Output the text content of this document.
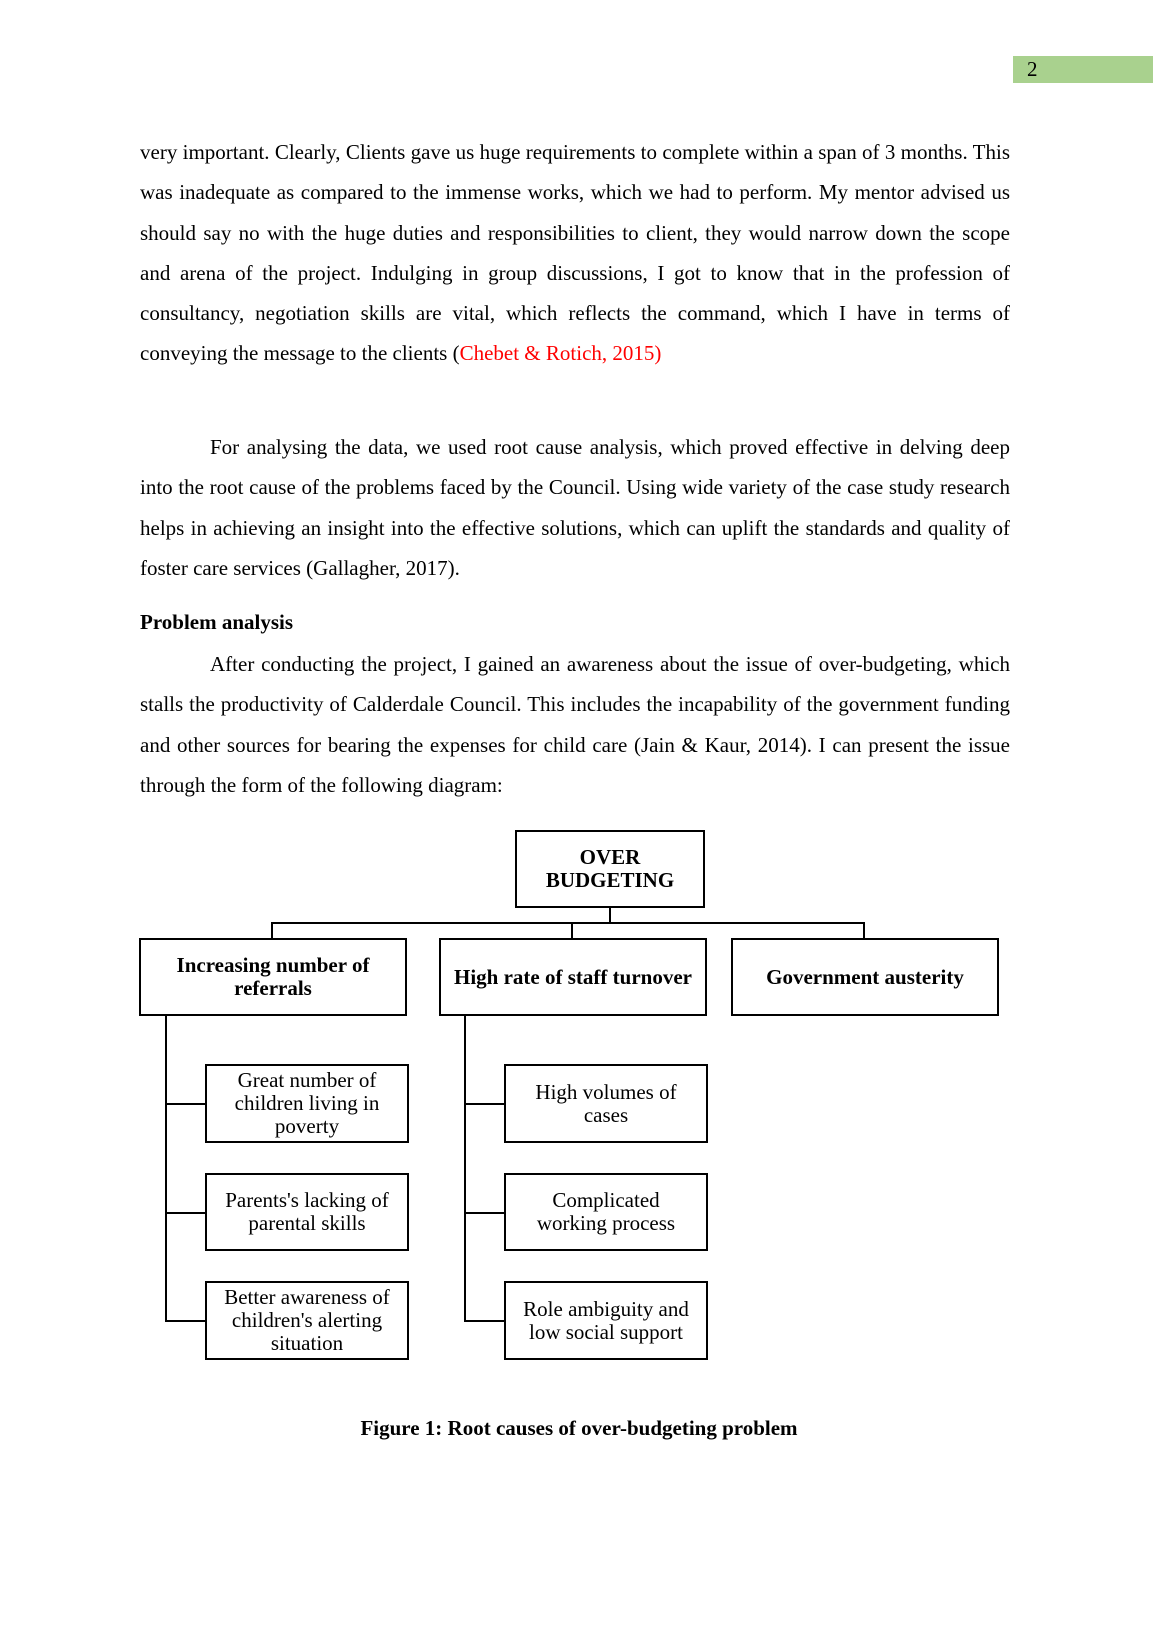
2
very important. Clearly, Clients gave us huge requirements to complete within a span of 3 months. This was inadequate as compared to the immense works, which we had to perform. My mentor advised us should say no with the huge duties and responsibilities to client, they would narrow down the scope and arena of the project. Indulging in group discussions, I got to know that in the profession of consultancy, negotiation skills are vital, which reflects the command, which I have in terms of conveying the message to the clients (Chebet & Rotich, 2015)
For analysing the data, we used root cause analysis, which proved effective in delving deep into the root cause of the problems faced by the Council. Using wide variety of the case study research helps in achieving an insight into the effective solutions, which can uplift the standards and quality of foster care services (Gallagher, 2017).
Problem analysis
After conducting the project, I gained an awareness about the issue of over-budgeting, which stalls the productivity of Calderdale Council. This includes the incapability of the government funding and other sources for bearing the expenses for child care (Jain & Kaur, 2014). I can present the issue through the form of the following diagram:
OVER BUDGETING
Increasing number of referrals	High rate of staff turnover	Government austerity
Great number of children living in poverty
Parents's lacking of parental skills
Better awareness of children's alerting situation
High volumes of cases
Complicated working process
Role ambiguity and low social support
Figure 1: Root causes of over-budgeting problem
